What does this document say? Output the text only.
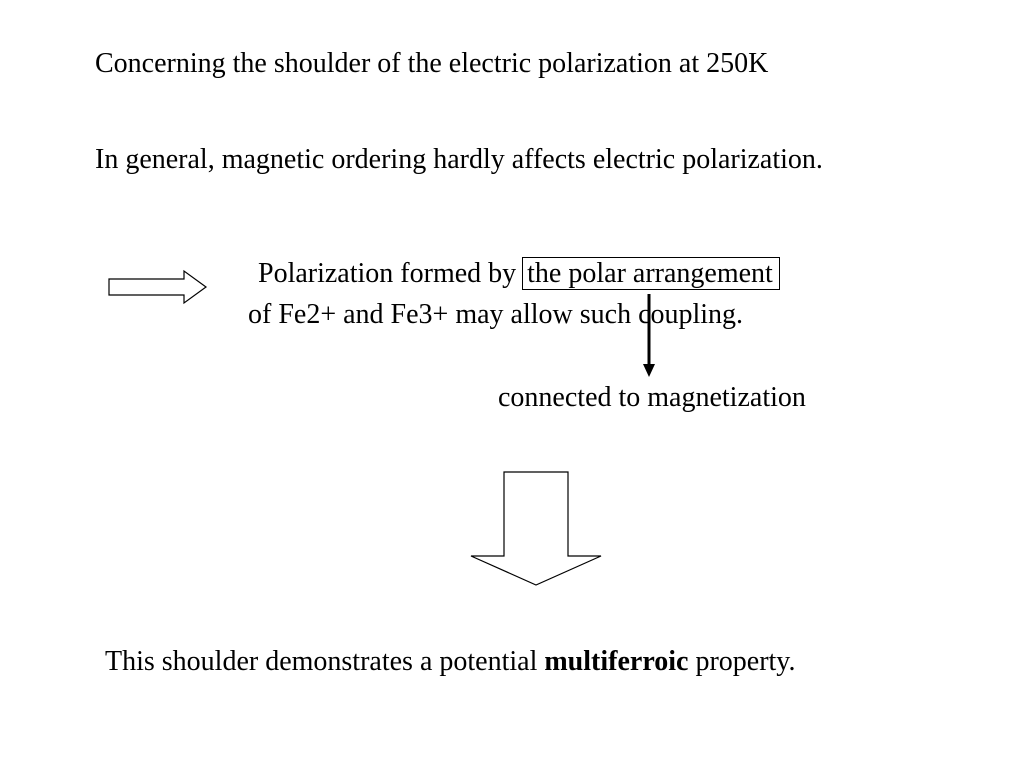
Concerning the shoulder of the electric polarization at 250K
In general, magnetic ordering hardly affects electric polarization.
Polarization formed by the polar arrangement
of Fe2+ and Fe3+ may allow such coupling.
connected to magnetization
This shoulder demonstrates a potential multiferroic property.
